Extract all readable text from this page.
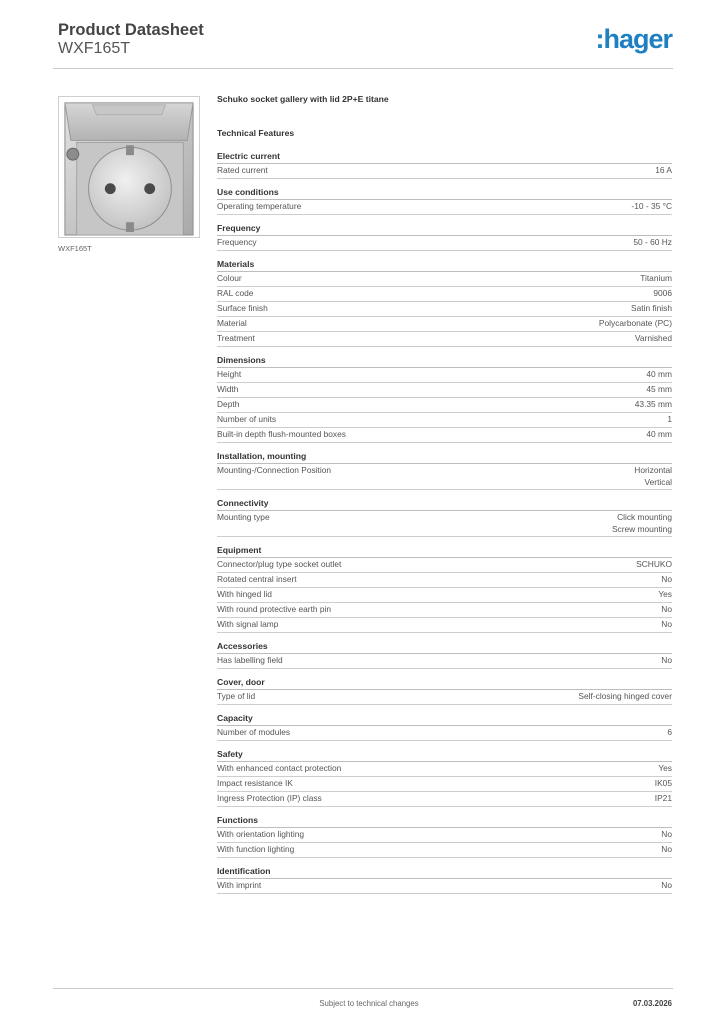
Product Datasheet
WXF165T	:hager
WXF165T
Schuko socket gallery with lid 2P+E titane
Technical Features
Electric current
Rated current	16 A
Use conditions
Operating temperature	-10 - 35 °C
Frequency
Frequency	50 - 60 Hz
Materials
Colour	Titanium
RAL code	9006
Surface finish	Satin finish
Material	Polycarbonate (PC)
Treatment	Varnished
Dimensions
Height	40 mm
Width	45 mm
Depth	43.35 mm
Number of units	1
Built-in depth flush-mounted boxes	40 mm
Installation, mounting
Mounting-/Connection Position	Horizontal
Vertical
Connectivity
Mounting type	Click mounting
Screw mounting
Equipment
Connector/plug type socket outlet	SCHUKO
Rotated central insert	No
With hinged lid	Yes
With round protective earth pin	No
With signal lamp	No
Accessories
Has labelling field	No
Cover, door
Type of lid	Self-closing hinged cover
Capacity
Number of modules	6
Safety
With enhanced contact protection	Yes
Impact resistance IK	IK05
Ingress Protection (IP) class	IP21
Functions
With orientation lighting	No
With function lighting	No
Identification
With imprint	No
Subject to technical changes	07.03.2026
